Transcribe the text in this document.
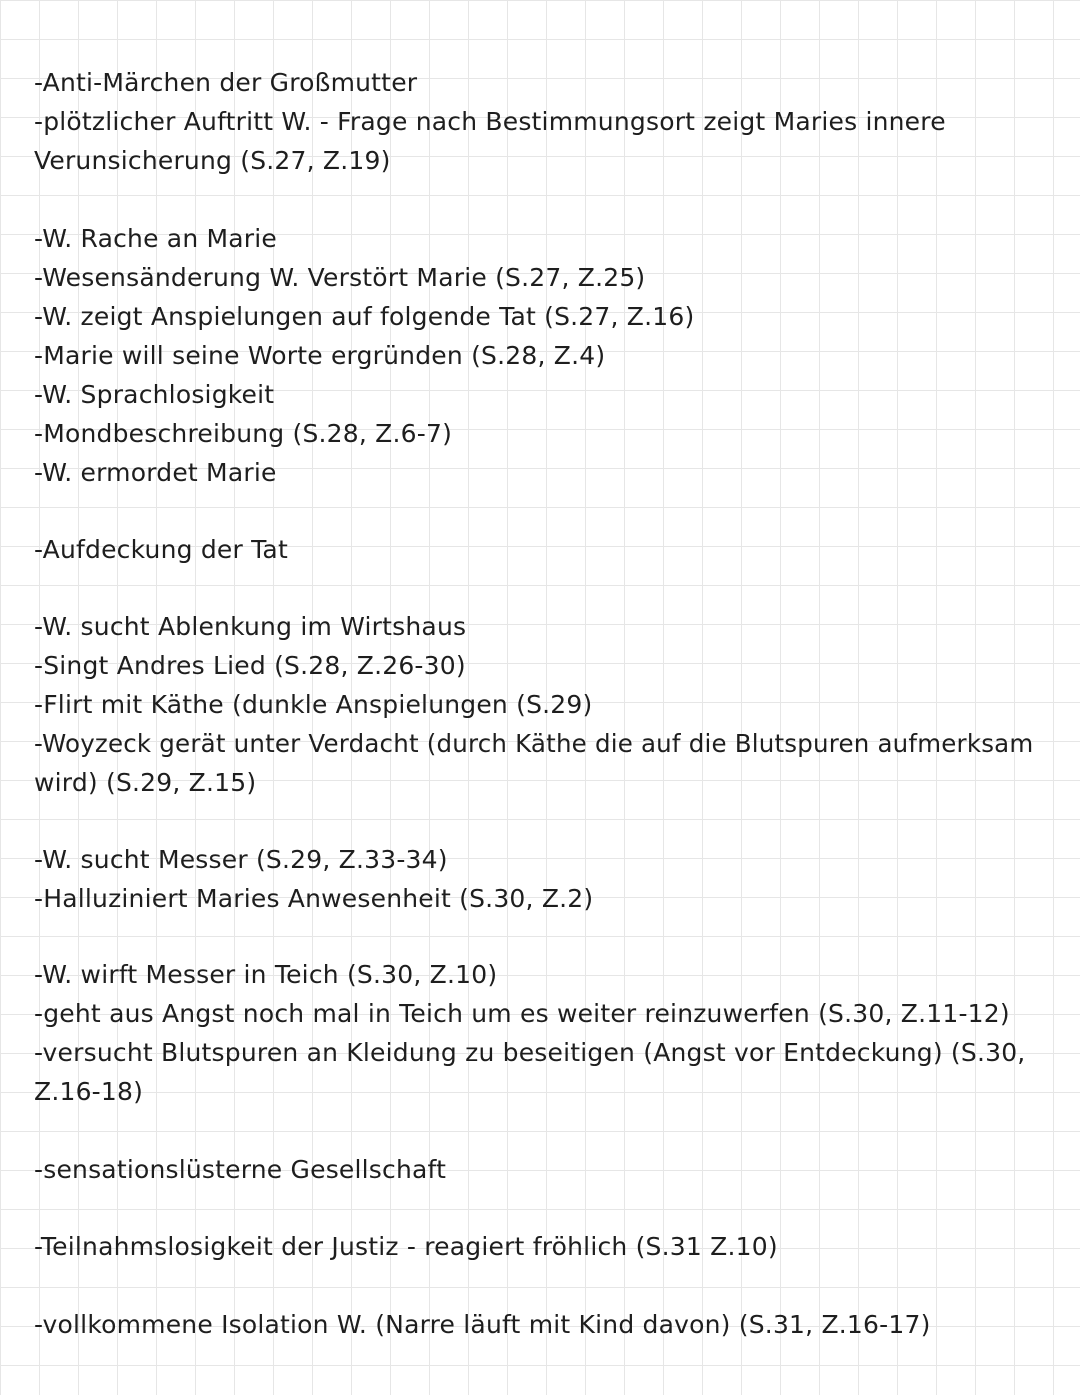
-Anti-Märchen der Großmutter
-plötzlicher Auftritt W. - Frage nach Bestimmungsort zeigt Maries innere
Verunsicherung (S.27, Z.19)
-W. Rache an Marie
-Wesensänderung W. Verstört Marie (S.27, Z.25)
-W. zeigt Anspielungen auf folgende Tat (S.27, Z.16)
-Marie will seine Worte ergründen (S.28, Z.4)
-W. Sprachlosigkeit
-Mondbeschreibung (S.28, Z.6-7)
-W. ermordet Marie
-Aufdeckung der Tat
-W. sucht Ablenkung im Wirtshaus
-Singt Andres Lied (S.28, Z.26-30)
-Flirt mit Käthe (dunkle Anspielungen (S.29)
-Woyzeck gerät unter Verdacht (durch Käthe die auf die Blutspuren aufmerksam
wird) (S.29, Z.15)
-W. sucht Messer (S.29, Z.33-34)
-Halluziniert Maries Anwesenheit (S.30, Z.2)
-W. wirft Messer in Teich (S.30, Z.10)
-geht aus Angst noch mal in Teich um es weiter reinzuwerfen (S.30, Z.11-12)
-versucht Blutspuren an Kleidung zu beseitigen (Angst vor Entdeckung) (S.30,
Z.16-18)
-sensationslüsterne Gesellschaft
-Teilnahmslosigkeit der Justiz - reagiert fröhlich (S.31 Z.10)
-vollkommene Isolation W. (Narre läuft mit Kind davon) (S.31, Z.16-17)
